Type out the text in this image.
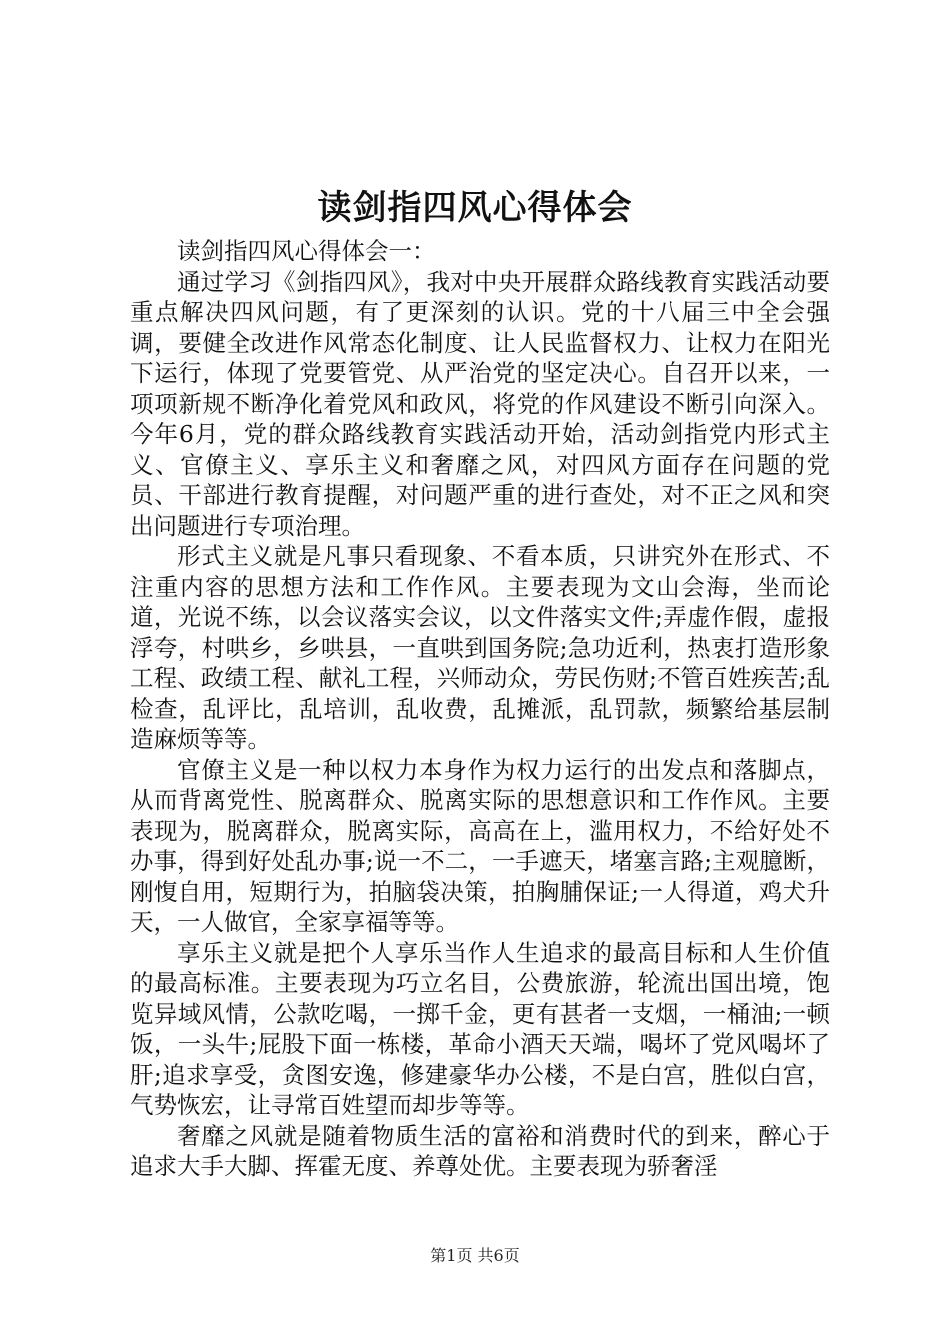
读剑指四风心得体会

读剑指四风心得体会一：

通过学习《剑指四风》，我对中央开展群众路线教育实践活动要重点解决四风问题，有了更深刻的认识。党的十八届三中全会强调，要健全改进作风常态化制度、让人民监督权力、让权力在阳光下运行，体现了党要管党、从严治党的坚定决心。自召开以来，一项项新规不断净化着党风和政风，将党的作风建设不断引向深入。今年6月，党的群众路线教育实践活动开始，活动剑指党内形式主义、官僚主义、享乐主义和奢靡之风，对四风方面存在问题的党员、干部进行教育提醒，对问题严重的进行查处，对不正之风和突出问题进行专项治理。

形式主义就是凡事只看现象、不看本质，只讲究外在形式、不注重内容的思想方法和工作作风。主要表现为文山会海，坐而论道，光说不练，以会议落实会议，以文件落实文件;弄虚作假，虚报浮夸，村哄乡，乡哄县，一直哄到国务院;急功近利，热衷打造形象工程、政绩工程、献礼工程，兴师动众，劳民伤财;不管百姓疾苦;乱检查，乱评比，乱培训，乱收费，乱摊派，乱罚款，频繁给基层制造麻烦等等。

官僚主义是一种以权力本身作为权力运行的出发点和落脚点，从而背离党性、脱离群众、脱离实际的思想意识和工作作风。主要表现为，脱离群众，脱离实际，高高在上，滥用权力，不给好处不办事，得到好处乱办事;说一不二，一手遮天，堵塞言路;主观臆断，刚愎自用，短期行为，拍脑袋决策，拍胸脯保证;一人得道，鸡犬升天，一人做官，全家享福等等。

享乐主义就是把个人享乐当作人生追求的最高目标和人生价值的最高标准。主要表现为巧立名目，公费旅游，轮流出国出境，饱览异域风情，公款吃喝，一掷千金，更有甚者一支烟，一桶油;一顿饭，一头牛;屁股下面一栋楼，革命小酒天天端，喝坏了党风喝坏了肝;追求享受，贪图安逸，修建豪华办公楼，不是白宫，胜似白宫，气势恢宏，让寻常百姓望而却步等等。

奢靡之风就是随着物质生活的富裕和消费时代的到来，醉心于追求大手大脚、挥霍无度、养尊处优。主要表现为骄奢淫

第1页 共6页
